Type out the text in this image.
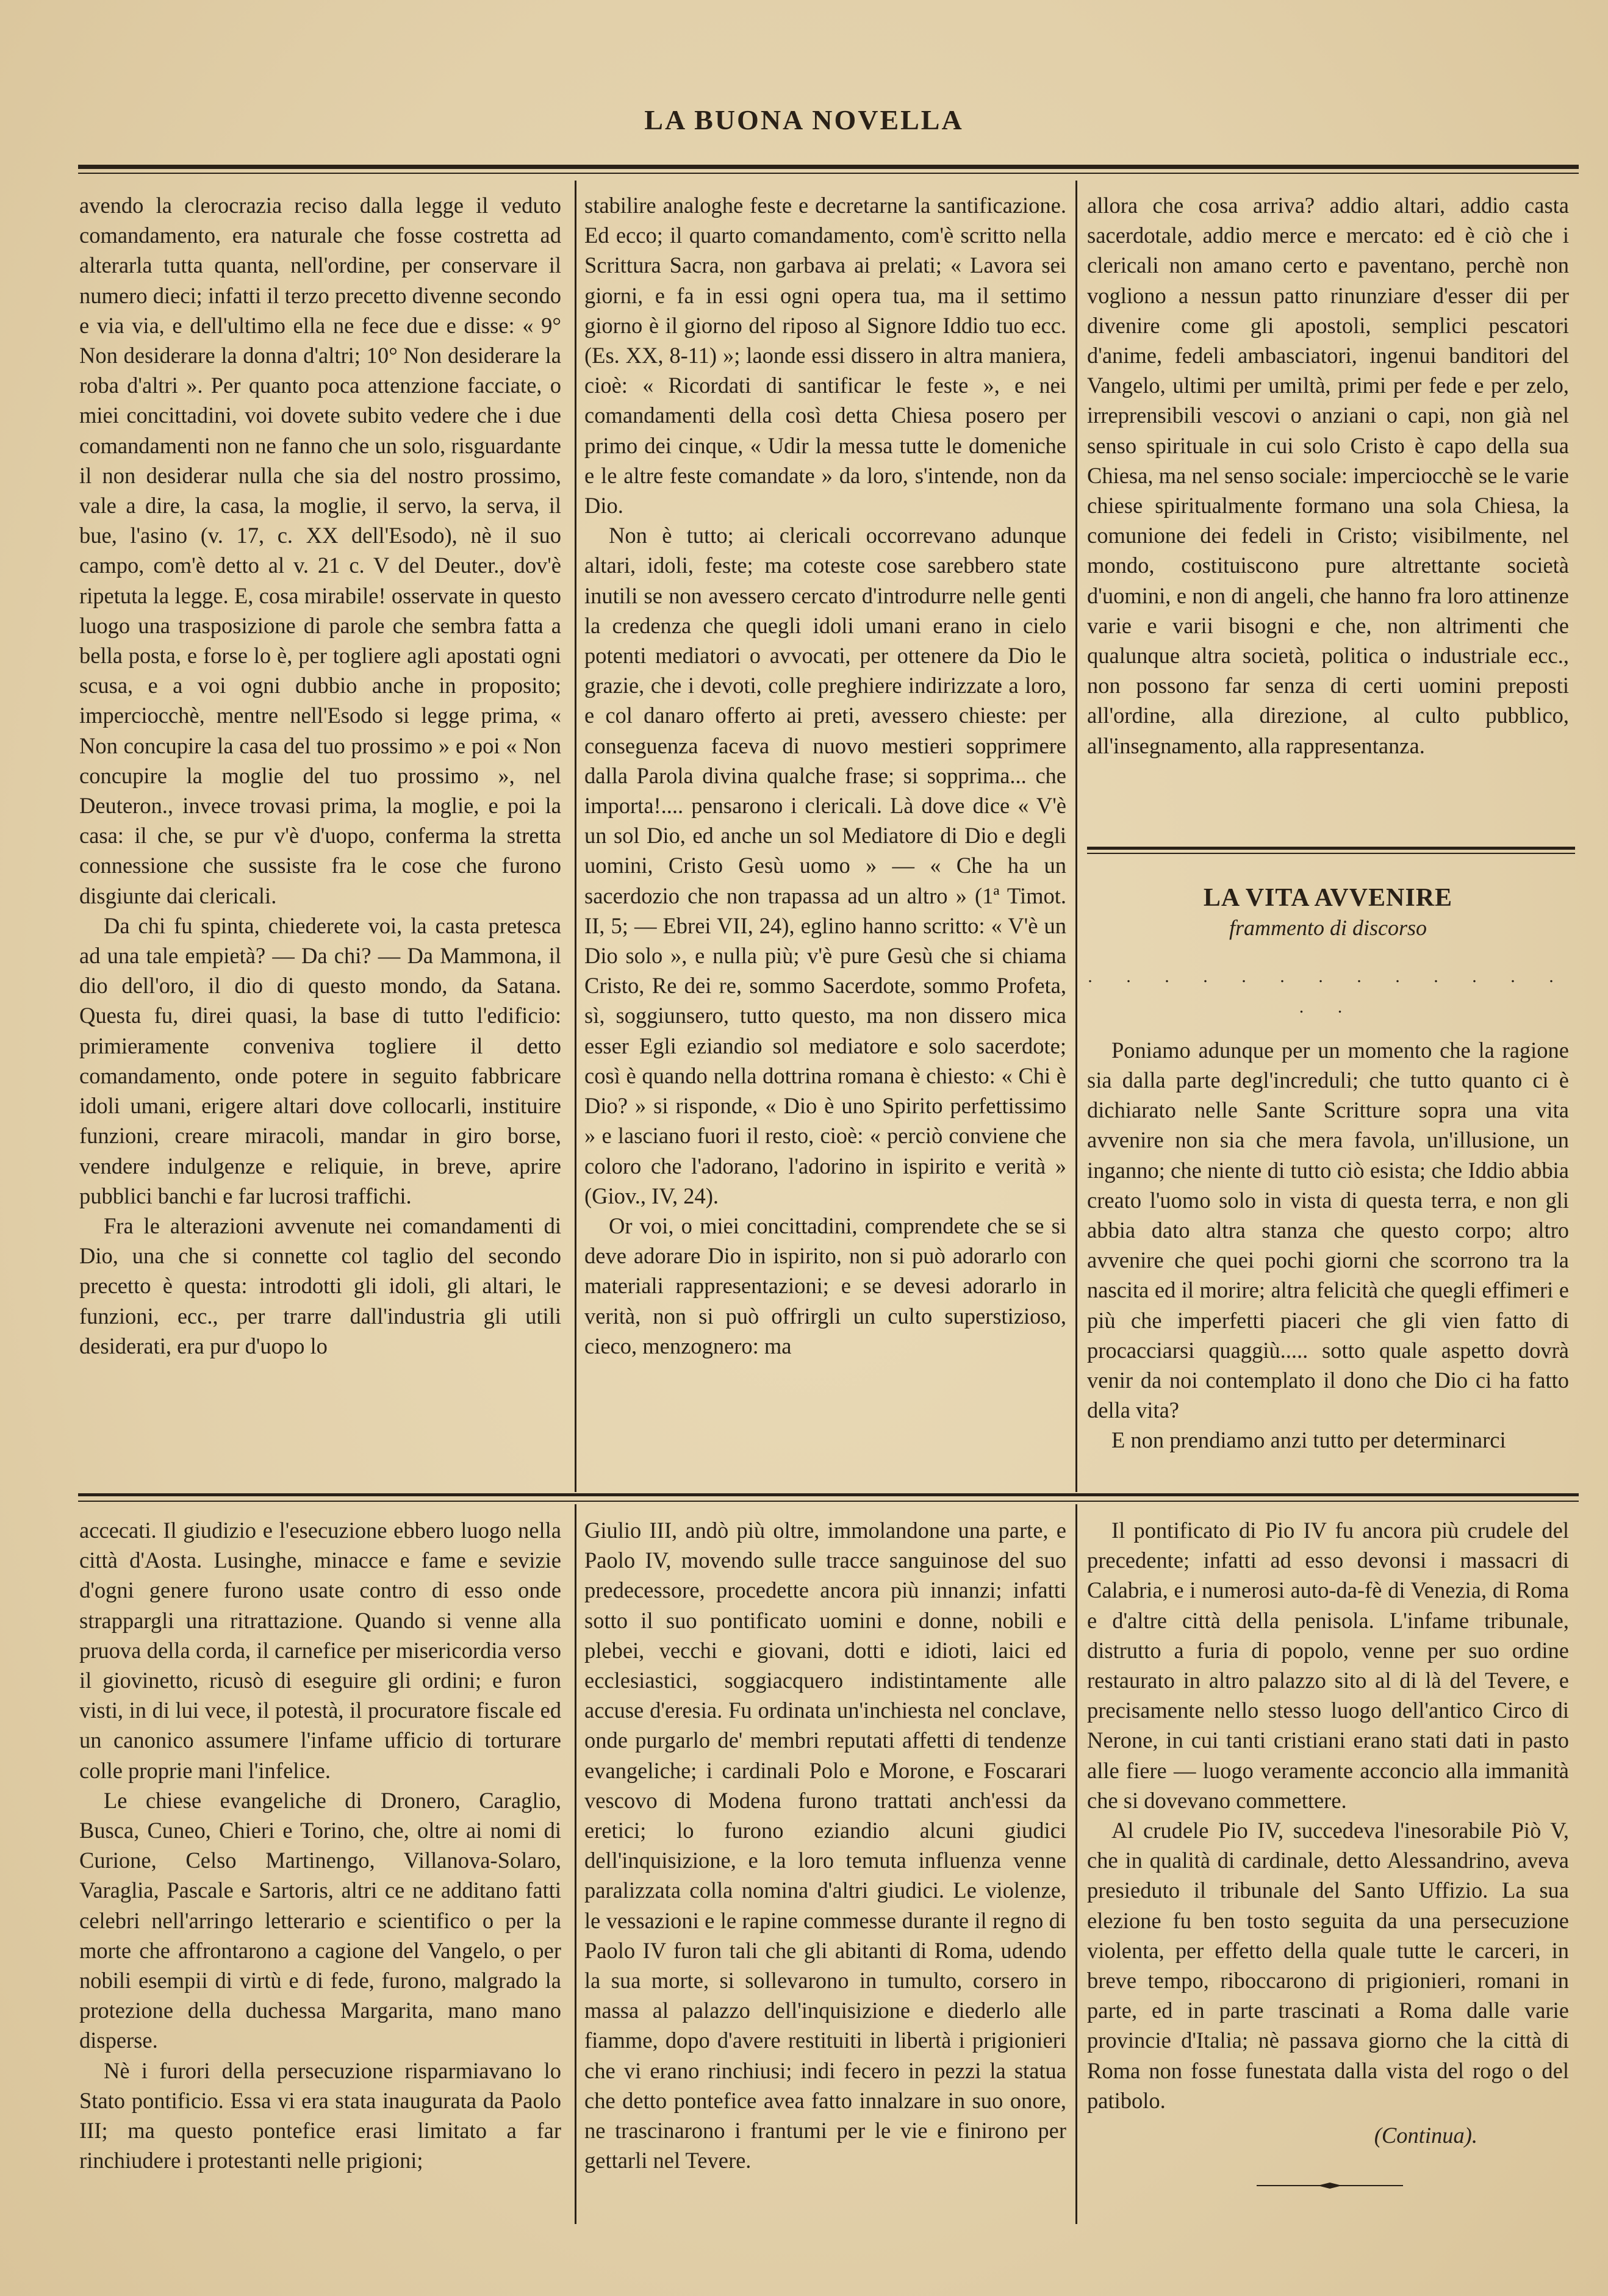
LA BUONA NOVELLA

avendo la clerocrazia reciso dalla legge il veduto comandamento, era naturale che fosse costretta ad alterarla tutta quanta, nell'ordine, per conservare il numero dieci; infatti il terzo precetto divenne secondo e via via, e dell'ultimo ella ne fece due e disse: « 9° Non desiderare la donna d'altri; 10° Non desiderare la roba d'altri ». Per quanto poca attenzione facciate, o miei concittadini, voi dovete subito vedere che i due comandamenti non ne fanno che un solo, risguardante il non desiderar nulla che sia del nostro prossimo, vale a dire, la casa, la moglie, il servo, la serva, il bue, l'asino (v. 17, c. XX dell'Esodo), nè il suo campo, com'è detto al v. 21 c. V del Deuter., dov'è ripetuta la legge. E, cosa mirabile! osservate in questo luogo una trasposizione di parole che sembra fatta a bella posta, e forse lo è, per togliere agli apostati ogni scusa, e a voi ogni dubbio anche in proposito; imperciocchè, mentre nell'Esodo si legge prima, « Non concupire la casa del tuo prossimo » e poi « Non concupire la moglie del tuo prossimo », nel Deuteron., invece trovasi prima, la moglie, e poi la casa: il che, se pur v'è d'uopo, conferma la stretta connessione che sussiste fra le cose che furono disgiunte dai clericali.

Da chi fu spinta, chiederete voi, la casta pretesca ad una tale empietà? — Da chi? — Da Mammona, il dio dell'oro, il dio di questo mondo, da Satana. Questa fu, direi quasi, la base di tutto l'edificio: primieramente conveniva togliere il detto comandamento, onde potere in seguito fabbricare idoli umani, erigere altari dove collocarli, instituire funzioni, creare miracoli, mandar in giro borse, vendere indulgenze e reliquie, in breve, aprire pubblici banchi e far lucrosi traffichi.

Fra le alterazioni avvenute nei comandamenti di Dio, una che si connette col taglio del secondo precetto è questa: introdotti gli idoli, gli altari, le funzioni, ecc., per trarre dall'industria gli utili desiderati, era pur d'uopo lo

stabilire analoghe feste e decretarne la santificazione. Ed ecco; il quarto comandamento, com'è scritto nella Scrittura Sacra, non garbava ai prelati; « Lavora sei giorni, e fa in essi ogni opera tua, ma il settimo giorno è il giorno del riposo al Signore Iddio tuo ecc. (Es. XX, 8-11) »; laonde essi dissero in altra maniera, cioè: « Ricordati di santificar le feste », e nei comandamenti della così detta Chiesa posero per primo dei cinque, « Udir la messa tutte le domeniche e le altre feste comandate » da loro, s'intende, non da Dio.

Non è tutto; ai clericali occorrevano adunque altari, idoli, feste; ma coteste cose sarebbero state inutili se non avessero cercato d'introdurre nelle genti la credenza che quegli idoli umani erano in cielo potenti mediatori o avvocati, per ottenere da Dio le grazie, che i devoti, colle preghiere indirizzate a loro, e col danaro offerto ai preti, avessero chieste: per conseguenza faceva di nuovo mestieri sopprimere dalla Parola divina qualche frase; si sopprima... che importa!.... pensarono i clericali. Là dove dice « V'è un sol Dio, ed anche un sol Mediatore di Dio e degli uomini, Cristo Gesù uomo » — « Che ha un sacerdozio che non trapassa ad un altro » (1ª Timot. II, 5; — Ebrei VII, 24), eglino hanno scritto: « V'è un Dio solo », e nulla più; v'è pure Gesù che si chiama Cristo, Re dei re, sommo Sacerdote, sommo Profeta, sì, soggiunsero, tutto questo, ma non dissero mica esser Egli eziandio sol mediatore e solo sacerdote; così è quando nella dottrina romana è chiesto: « Chi è Dio? » si risponde, « Dio è uno Spirito perfettissimo » e lasciano fuori il resto, cioè: « perciò conviene che coloro che l'adorano, l'adorino in ispirito e verità » (Giov., IV, 24).

Or voi, o miei concittadini, comprendete che se si deve adorare Dio in ispirito, non si può adorarlo con materiali rappresentazioni; e se devesi adorarlo in verità, non si può offrirgli un culto superstizioso, cieco, menzognero: ma

allora che cosa arriva? addio altari, addio casta sacerdotale, addio merce e mercato: ed è ciò che i clericali non amano certo e paventano, perchè non vogliono a nessun patto rinunziare d'esser dii per divenire come gli apostoli, semplici pescatori d'anime, fedeli ambasciatori, ingenui banditori del Vangelo, ultimi per umiltà, primi per fede e per zelo, irreprensibili vescovi o anziani o capi, non già nel senso spirituale in cui solo Cristo è capo della sua Chiesa, ma nel senso sociale: imperciocchè se le varie chiese spiritualmente formano una sola Chiesa, la comunione dei fedeli in Cristo; visibilmente, nel mondo, costituiscono pure altrettante società d'uomini, e non di angeli, che hanno fra loro attinenze varie e varii bisogni e che, non altrimenti che qualunque altra società, politica o industriale ecc., non possono far senza di certi uomini preposti all'ordine, alla direzione, al culto pubblico, all'insegnamento, alla rappresentanza.

LA VITA AVVENIRE
frammento di discorso
. . . . . . . . . . . . . . .

Poniamo adunque per un momento che la ragione sia dalla parte degl'increduli; che tutto quanto ci è dichiarato nelle Sante Scritture sopra una vita avvenire non sia che mera favola, un'illusione, un inganno; che niente di tutto ciò esista; che Iddio abbia creato l'uomo solo in vista di questa terra, e non gli abbia dato altra stanza che questo corpo; altro avvenire che quei pochi giorni che scorrono tra la nascita ed il morire; altra felicità che quegli effimeri e più che imperfetti piaceri che gli vien fatto di procacciarsi quaggiù..... sotto quale aspetto dovrà venir da noi contemplato il dono che Dio ci ha fatto della vita?

E non prendiamo anzi tutto per determinarci

accecati. Il giudizio e l'esecuzione ebbero luogo nella città d'Aosta. Lusinghe, minacce e fame e sevizie d'ogni genere furono usate contro di esso onde strappargli una ritrattazione. Quando si venne alla pruova della corda, il carnefice per misericordia verso il giovinetto, ricusò di eseguire gli ordini; e furon visti, in di lui vece, il potestà, il procuratore fiscale ed un canonico assumere l'infame ufficio di torturare colle proprie mani l'infelice.

Le chiese evangeliche di Dronero, Caraglio, Busca, Cuneo, Chieri e Torino, che, oltre ai nomi di Curione, Celso Martinengo, Villanova-Solaro, Varaglia, Pascale e Sartoris, altri ce ne additano fatti celebri nell'arringo letterario e scientifico o per la morte che affrontarono a cagione del Vangelo, o per nobili esempii di virtù e di fede, furono, malgrado la protezione della duchessa Margarita, mano mano disperse.

Nè i furori della persecuzione risparmiavano lo Stato pontificio. Essa vi era stata inaugurata da Paolo III; ma questo pontefice erasi limitato a far rinchiudere i protestanti nelle prigioni;

Giulio III, andò più oltre, immolandone una parte, e Paolo IV, movendo sulle tracce sanguinose del suo predecessore, procedette ancora più innanzi; infatti sotto il suo pontificato uomini e donne, nobili e plebei, vecchi e giovani, dotti e idioti, laici ed ecclesiastici, soggiacquero indistintamente alle accuse d'eresia. Fu ordinata un'inchiesta nel conclave, onde purgarlo de' membri reputati affetti di tendenze evangeliche; i cardinali Polo e Morone, e Foscarari vescovo di Modena furono trattati anch'essi da eretici; lo furono eziandio alcuni giudici dell'inquisizione, e la loro temuta influenza venne paralizzata colla nomina d'altri giudici. Le violenze, le vessazioni e le rapine commesse durante il regno di Paolo IV furon tali che gli abitanti di Roma, udendo la sua morte, si sollevarono in tumulto, corsero in massa al palazzo dell'inquisizione e diederlo alle fiamme, dopo d'avere restituiti in libertà i prigionieri che vi erano rinchiusi; indi fecero in pezzi la statua che detto pontefice avea fatto innalzare in suo onore, ne trascinarono i frantumi per le vie e finirono per gettarli nel Tevere.

Il pontificato di Pio IV fu ancora più crudele del precedente; infatti ad esso devonsi i massacri di Calabria, e i numerosi auto-da-fè di Venezia, di Roma e d'altre città della penisola. L'infame tribunale, distrutto a furia di popolo, venne per suo ordine restaurato in altro palazzo sito al di là del Tevere, e precisamente nello stesso luogo dell'antico Circo di Nerone, in cui tanti cristiani erano stati dati in pasto alle fiere — luogo veramente acconcio alla immanità che si dovevano commettere.

Al crudele Pio IV, succedeva l'inesorabile Piò V, che in qualità di cardinale, detto Alessandrino, aveva presieduto il tribunale del Santo Uffizio. La sua elezione fu ben tosto seguita da una persecuzione violenta, per effetto della quale tutte le carceri, in breve tempo, riboccarono di prigionieri, romani in parte, ed in parte trascinati a Roma dalle varie provincie d'Italia; nè passava giorno che la città di Roma non fosse funestata dalla vista del rogo o del patibolo.

(Continua).
